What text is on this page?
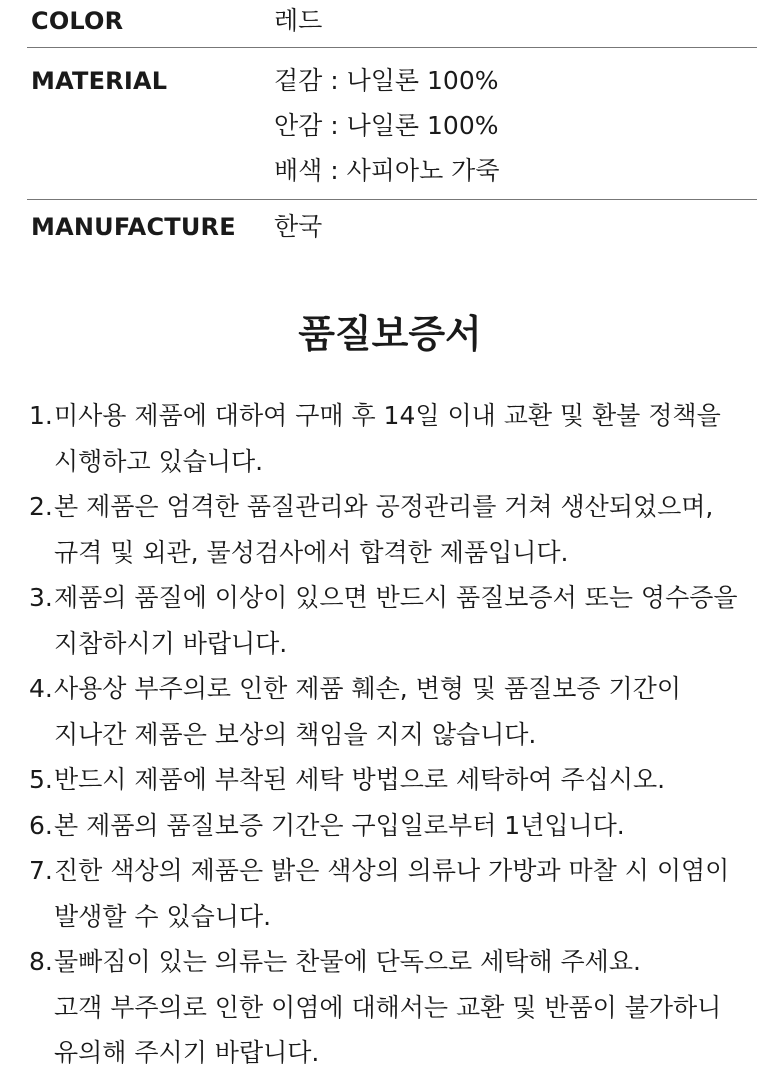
COLOR	레드
MATERIAL	겉감 : 나일론 100%
안감 : 나일론 100%
배색 : 사피아노 가죽
MANUFACTURE	한국
품질보증서
1. 미사용 제품에 대하여 구매 후 14일 이내 교환 및 환불 정책을
시행하고 있습니다.
2. 본 제품은 엄격한 품질관리와 공정관리를 거쳐 생산되었으며,
규격 및 외관, 물성검사에서 합격한 제품입니다.
3. 제품의 품질에 이상이 있으면 반드시 품질보증서 또는 영수증을
지참하시기 바랍니다.
4. 사용상 부주의로 인한 제품 훼손, 변형 및 품질보증 기간이
지나간 제품은 보상의 책임을 지지 않습니다.
5. 반드시 제품에 부착된 세탁 방법으로 세탁하여 주십시오.
6. 본 제품의 품질보증 기간은 구입일로부터 1년입니다.
7. 진한 색상의 제품은 밝은 색상의 의류나 가방과 마찰 시 이염이
발생할 수 있습니다.
8. 물빠짐이 있는 의류는 찬물에 단독으로 세탁해 주세요.
고객 부주의로 인한 이염에 대해서는 교환 및 반품이 불가하니
유의해 주시기 바랍니다.
